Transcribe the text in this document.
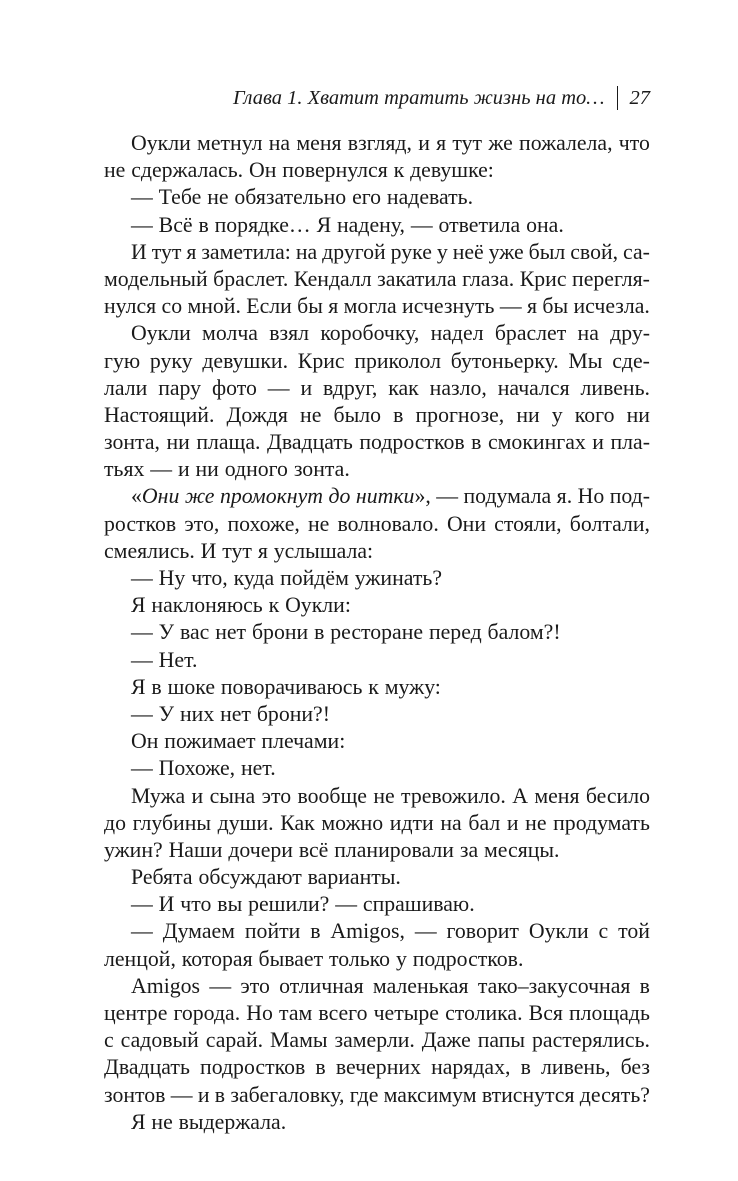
Глава 1. Хватит тратить жизнь на то… 27
Оукли метнул на меня взгляд, и я тут же пожалела, что
не сдержалась. Он повернулся к девушке:
— Тебе не обязательно его надевать.
— Всё в порядке… Я надену, — ответила она.
И тут я заметила: на другой руке у неё уже был свой, са-
модельный браслет. Кендалл закатила глаза. Крис перегля-
нулся со мной. Если бы я могла исчезнуть — я бы исчезла.
Оукли молча взял коробочку, надел браслет на дру-
гую руку девушки. Крис приколол бутоньерку. Мы сде-
лали пару фото — и вдруг, как назло, начался ливень.
Настоящий. Дождя не было в прогнозе, ни у кого ни
зонта, ни плаща. Двадцать подростков в смокингах и пла-
тьях — и ни одного зонта.
«Они же промокнут до нитки», — подумала я. Но под-
ростков это, похоже, не волновало. Они стояли, болтали,
смеялись. И тут я услышала:
— Ну что, куда пойдём ужинать?
Я наклоняюсь к Оукли:
— У вас нет брони в ресторане перед балом?!
— Нет.
Я в шоке поворачиваюсь к мужу:
— У них нет брони?!
Он пожимает плечами:
— Похоже, нет.
Мужа и сына это вообще не тревожило. А меня бесило
до глубины души. Как можно идти на бал и не продумать
ужин? Наши дочери всё планировали за месяцы.
Ребята обсуждают варианты.
— И что вы решили? — спрашиваю.
— Думаем пойти в Amigos, — говорит Оукли с той
ленцой, которая бывает только у подростков.
Amigos — это отличная маленькая тако–закусочная в
центре города. Но там всего четыре столика. Вся площадь
с садовый сарай. Мамы замерли. Даже папы растерялись.
Двадцать подростков в вечерних нарядах, в ливень, без
зонтов — и в забегаловку, где максимум втиснутся десять?
Я не выдержала.
